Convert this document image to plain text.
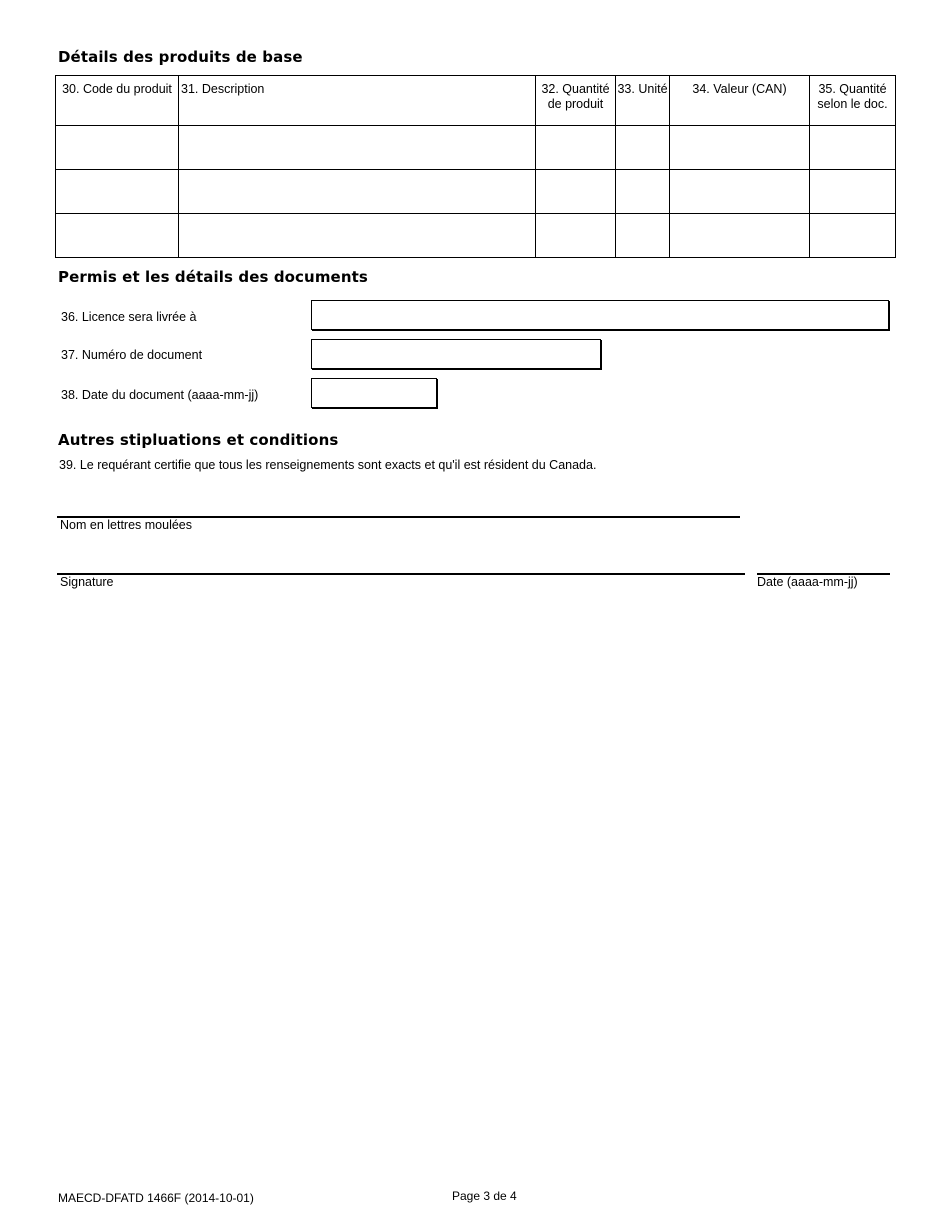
Détails des produits de base
30. Code du produit	31. Description	32. Quantité de produit	33. Unité	34. Valeur (CAN)	35. Quantité selon le doc.

Permis et les détails des documents
36. Licence sera livrée à
37. Numéro de document
38. Date du document (aaaa-mm-jj)
Autres stipluations et conditions
39. Le requérant certifie que tous les renseignements sont exacts et qu'il est résident du Canada.
Nom en lettres moulées
Signature	Date (aaaa-mm-jj)
MAECD-DFATD 1466F (2014-10-01)	Page 3 de 4
